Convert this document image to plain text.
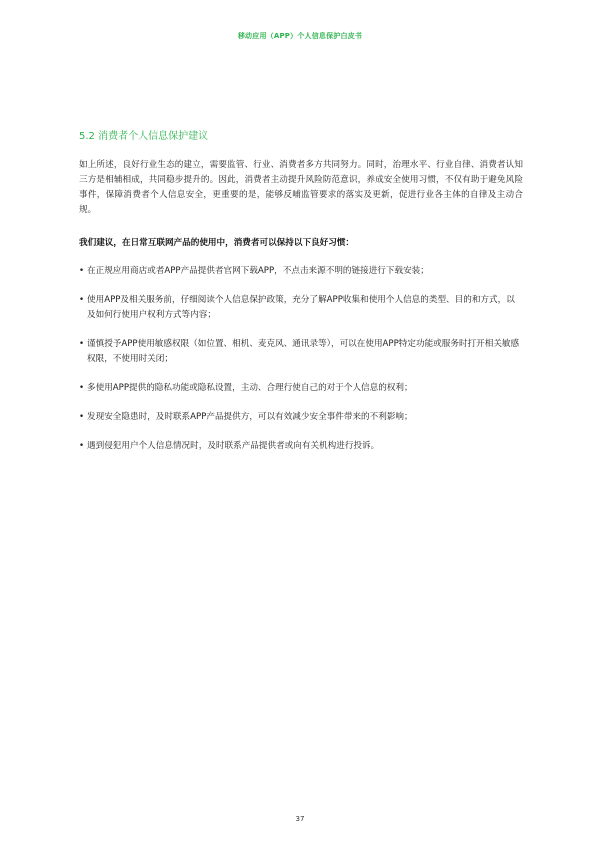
移动应用（APP）个人信息保护白皮书
5.2 消费者个人信息保护建议
如上所述，良好行业生态的建立，需要监管、行业、消费者多方共同努力。同时，治理水平、行业自律、消费者认知三方是相辅相成，共同稳步提升的。因此，消费者主动提升风险防范意识，养成安全使用习惯，不仅有助于避免风险事件，保障消费者个人信息安全，更重要的是，能够反哺监管要求的落实及更新，促进行业各主体的自律及主动合规。
我们建议，在日常互联网产品的使用中，消费者可以保持以下良好习惯：
• 在正规应用商店或者APP产品提供者官网下载APP，不点击来源不明的链接进行下载安装；
• 使用APP及相关服务前，仔细阅读个人信息保护政策，充分了解APP收集和使用个人信息的类型、目的和方式，以及如何行使用户权利方式等内容；
• 谨慎授予APP使用敏感权限（如位置、相机、麦克风、通讯录等），可以在使用APP特定功能或服务时打开相关敏感权限，不使用时关闭；
• 多使用APP提供的隐私功能或隐私设置，主动、合理行使自己的对于个人信息的权利；
• 发现安全隐患时，及时联系APP产品提供方，可以有效减少安全事件带来的不利影响；
• 遇到侵犯用户个人信息情况时，及时联系产品提供者或向有关机构进行投诉。
37
